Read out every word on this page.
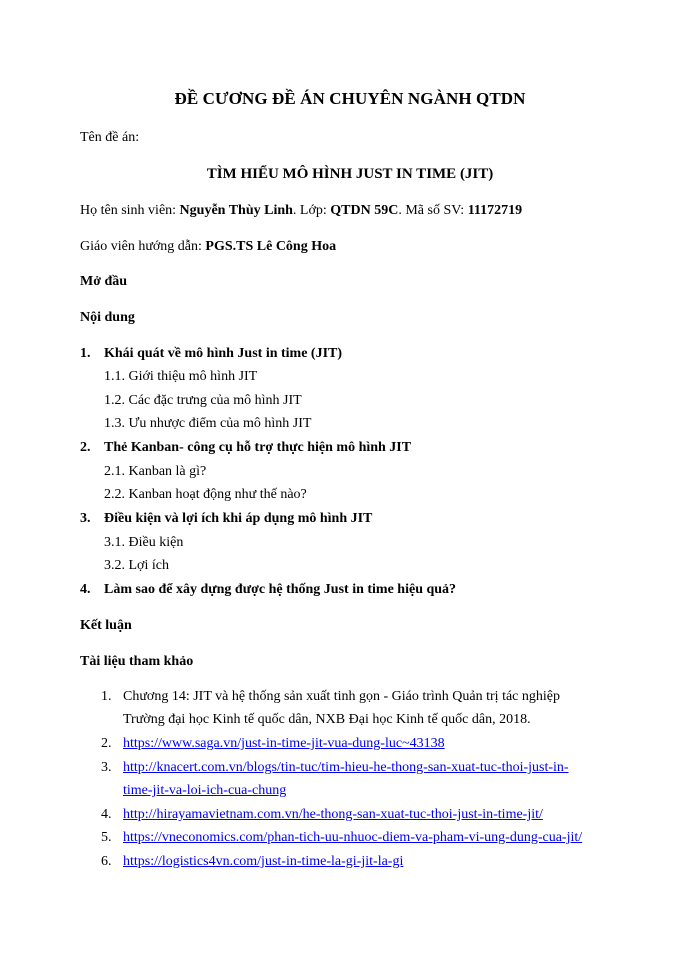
ĐỀ CƯƠNG ĐỀ ÁN CHUYÊN NGÀNH QTDN
Tên đề án:
TÌM HIỂU MÔ HÌNH JUST IN TIME (JIT)
Họ tên sinh viên: Nguyễn Thùy Linh. Lớp: QTDN 59C. Mã số SV: 11172719
Giáo viên hướng dẫn: PGS.TS Lê Công Hoa
Mở đầu
Nội dung
1. Khái quát về mô hình Just in time (JIT)
1.1. Giới thiệu mô hình JIT
1.2. Các đặc trưng của mô hình JIT
1.3. Ưu nhược điểm của mô hình JIT
2. Thẻ Kanban- công cụ hỗ trợ thực hiện mô hình JIT
2.1. Kanban là gì?
2.2. Kanban hoạt động như thế nào?
3. Điều kiện và lợi ích khi áp dụng mô hình JIT
3.1. Điều kiện
3.2. Lợi ích
4. Làm sao để xây dựng được hệ thống Just in time hiệu quả?
Kết luận
Tài liệu tham khảo
1. Chương 14: JIT và hệ thống sản xuất tinh gọn - Giáo trình Quản trị tác nghiệp
Trường đại học Kinh tế quốc dân, NXB Đại học Kinh tế quốc dân, 2018.
2. https://www.saga.vn/just-in-time-jit-vua-dung-luc~43138
3. http://knacert.com.vn/blogs/tin-tuc/tim-hieu-he-thong-san-xuat-tuc-thoi-just-in-
time-jit-va-loi-ich-cua-chung
4. http://hirayamavietnam.com.vn/he-thong-san-xuat-tuc-thoi-just-in-time-jit/
5. https://vneconomics.com/phan-tich-uu-nhuoc-diem-va-pham-vi-ung-dung-cua-jit/
6. https://logistics4vn.com/just-in-time-la-gi-jit-la-gi
